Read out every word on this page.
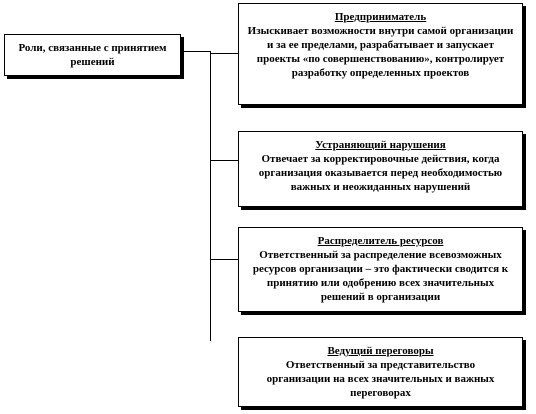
Роли, связанные с принятием решений
Предприниматель
Изыскивает возможности внутри самой организации и за ее пределами, разрабатывает и запускает проекты «по совершенствованию», контролирует разработку определенных проектов
Устраняющий нарушения
Отвечает за корректировочные действия, когда организация оказывается перед необходимостью важных и неожиданных нарушений
Распределитель ресурсов
Ответственный за распределение всевозможных ресурсов организации – это фактически сводится к принятию или одобрению всех значительных решений в организации
Ведущий переговоры
Ответственный за представительство организации на всех значительных и важных переговорах
